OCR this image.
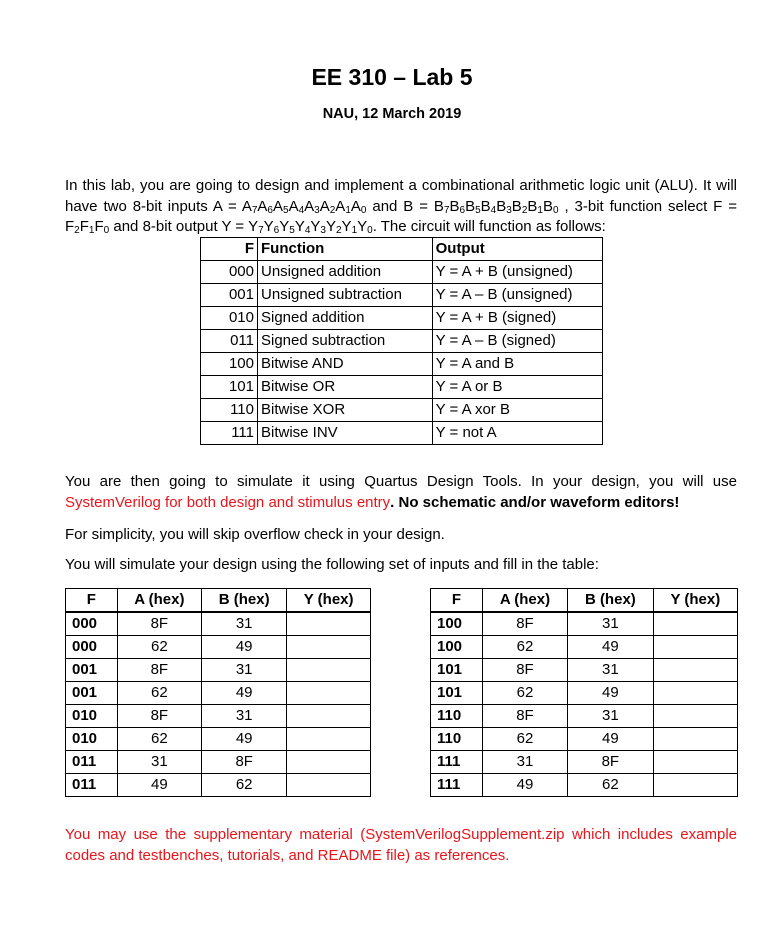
EE 310 – Lab 5
NAU, 12 March 2019
In this lab, you are going to design and implement a combinational arithmetic logic unit (ALU). It will have two 8-bit inputs $A = A_7A_6A_5A_4A_3A_2A_1A_0$ and $B = B_7B_6B_5B_4B_3B_2B_1B_0$ , 3-bit function select $F = F_2F_1F_0$ and 8-bit output $Y = Y_7Y_6Y_5Y_4Y_3Y_2Y_1Y_0$. The circuit will function as follows:
F	Function	Output
000	Unsigned addition	Y = A + B (unsigned)
001	Unsigned subtraction	Y = A – B (unsigned)
010	Signed addition	Y = A + B (signed)
011	Signed subtraction	Y = A – B (signed)
100	Bitwise AND	Y = A and B
101	Bitwise OR	Y = A or B
110	Bitwise XOR	Y = A xor B
111	Bitwise INV	Y = not A
You are then going to simulate it using Quartus Design Tools. In your design, you will use SystemVerilog for both design and stimulus entry. No schematic and/or waveform editors!
For simplicity, you will skip overflow check in your design.
You will simulate your design using the following set of inputs and fill in the table:
F	A (hex)	B (hex)	Y (hex)
000	8F	31	
000	62	49	
001	8F	31	
001	62	49	
010	8F	31	
010	62	49	
011	31	8F	
011	49	62	
F	A (hex)	B (hex)	Y (hex)
100	8F	31	
100	62	49	
101	8F	31	
101	62	49	
110	8F	31	
110	62	49	
111	31	8F	
111	49	62	
You may use the supplementary material (SystemVerilogSupplement.zip which includes example codes and testbenches, tutorials, and README file) as references.
